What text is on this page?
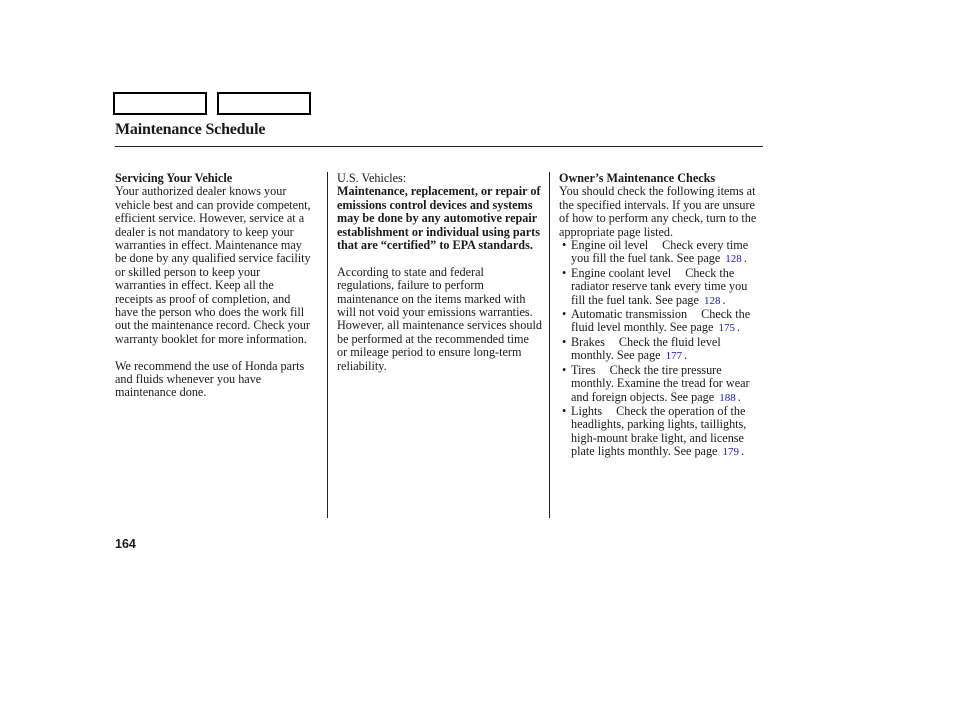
Maintenance Schedule

Servicing Your Vehicle

Your authorized dealer knows your vehicle best and can provide competent, efficient service. However, service at a dealer is not mandatory to keep your warranties in effect. Maintenance may be done by any qualified service facility or skilled person to keep your warranties in effect. Keep all the receipts as proof of completion, and have the person who does the work fill out the maintenance record. Check your warranty booklet for more information.

We recommend the use of Honda parts and fluids whenever you have maintenance done.

U.S. Vehicles:

Maintenance, replacement, or repair of emissions control devices and systems may be done by any automotive repair establishment or individual using parts that are “certified” to EPA standards.

According to state and federal regulations, failure to perform maintenance on the items marked withwill not void your emissions warranties. However, all maintenance services should be performed at the recommended time or mileage period to ensure long-term reliability.

Owner’s Maintenance Checks

You should check the following items at the specified intervals. If you are unsure of how to perform any check, turn to the appropriate page listed.

• Engine oil level Check every time you fill the fuel tank. See page 128 .
• Engine coolant level Check the radiator reserve tank every time you fill the fuel tank. See page 128 .
• Automatic transmission Check the fluid level monthly. See page 175 .
• Brakes Check the fluid level monthly. See page 177 .
• Tires Check the tire pressure monthly. Examine the tread for wear and foreign objects. See page 188 .
• Lights Check the operation of the headlights, parking lights, taillights, high-mount brake light, and license plate lights monthly. See page 179 .
164
